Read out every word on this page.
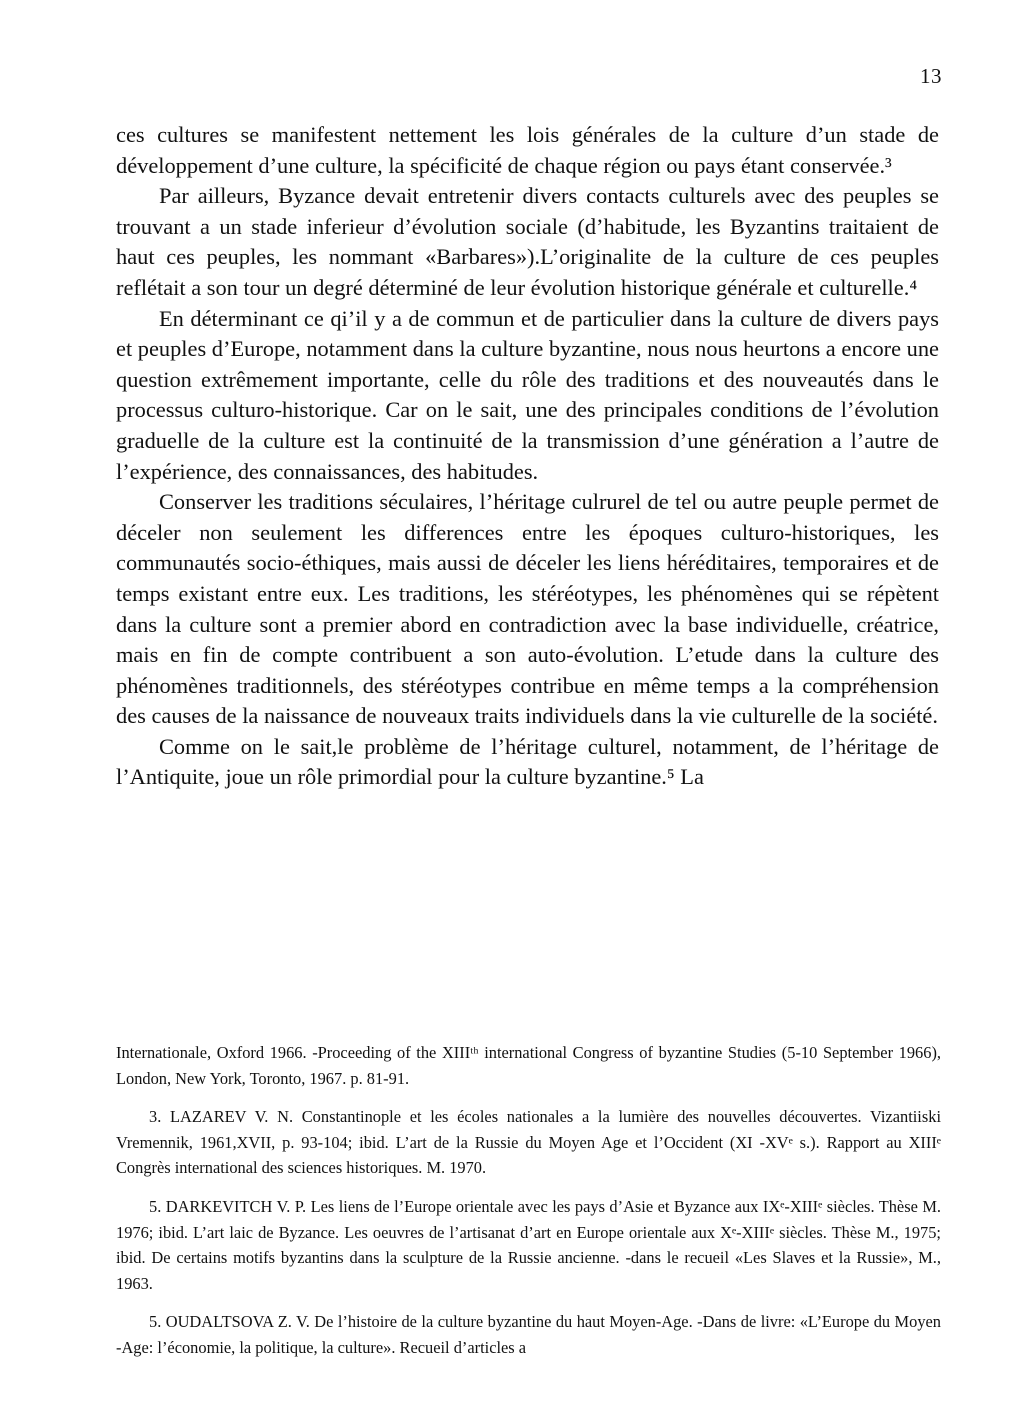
13

ces cultures se manifestent nettement les lois générales de la culture d’un stade de développement d’une culture, la spécificité de chaque région ou pays étant conservée.³

Par ailleurs, Byzance devait entretenir divers contacts culturels avec des peuples se trouvant a un stade inferieur d’évolution sociale (d’habitude, les Byzantins traitaient de haut ces peuples, les nommant «Barbares»).L’originalite de la culture de ces peuples reflétait a son tour un degré déterminé de leur évolution historique générale et culturelle.⁴

En déterminant ce qi’il y a de commun et de particulier dans la culture de divers pays et peuples d’Europe, notamment dans la culture byzantine, nous nous heurtons a encore une question extrêmement importante, celle du rôle des traditions et des nouveautés dans le processus culturo-historique. Car on le sait, une des principales conditions de l’évolution graduelle de la culture est la continuité de la transmission d’une génération a l’autre de l’expérience, des connaissances, des habitudes.

Conserver les traditions séculaires, l’héritage culrurel de tel ou autre peuple permet de déceler non seulement les differences entre les époques culturo-historiques, les communautés socio-éthiques, mais aussi de déceler les liens héréditaires, temporaires et de temps existant entre eux. Les traditions, les stéréotypes, les phénomènes qui se répètent dans la culture sont a premier abord en contradiction avec la base individuelle, créatrice, mais en fin de compte contribuent a son auto-évolution. L’etude dans la culture des phénomènes traditionnels, des stéréotypes contribue en même temps a la compréhension des causes de la naissance de nouveaux traits individuels dans la vie culturelle de la société.

Comme on le sait,le problème de l’héritage culturel, notamment, de l’héritage de l’Antiquite, joue un rôle primordial pour la culture byzantine.⁵ La

Internationale, Oxford 1966. -Proceeding of the XIIIᵗʰ international Congress of byzantine Studies (5-10 September 1966), London, New York, Toronto, 1967. p. 81-91.

3. LAZAREV V. N. Constantinople et les écoles nationales a la lumière des nouvelles découvertes. Vizantiiski Vremennik, 1961,XVII, p. 93-104; ibid. L’art de la Russie du Moyen Age et l’Occident (XI -XVᵉ s.). Rapport au XIIIᵉ Congrès international des sciences historiques. M. 1970.

5. DARKEVITCH V. P. Les liens de l’Europe orientale avec les pays d’Asie et Byzance aux IXᵉ-XIIIᵉ siècles. Thèse M. 1976; ibid. L’art laic de Byzance. Les oeuvres de l’artisanat d’art en Europe orientale aux Xᵉ-XIIIᵉ siècles. Thèse M., 1975; ibid. De certains motifs byzantins dans la sculpture de la Russie ancienne. -dans le recueil «Les Slaves et la Russie», M., 1963.

5. OUDALTSOVA Z. V. De l’histoire de la culture byzantine du haut Moyen-Age. -Dans de livre: «L’Europe du Moyen -Age: l’économie, la politique, la culture». Recueil d’articles a
